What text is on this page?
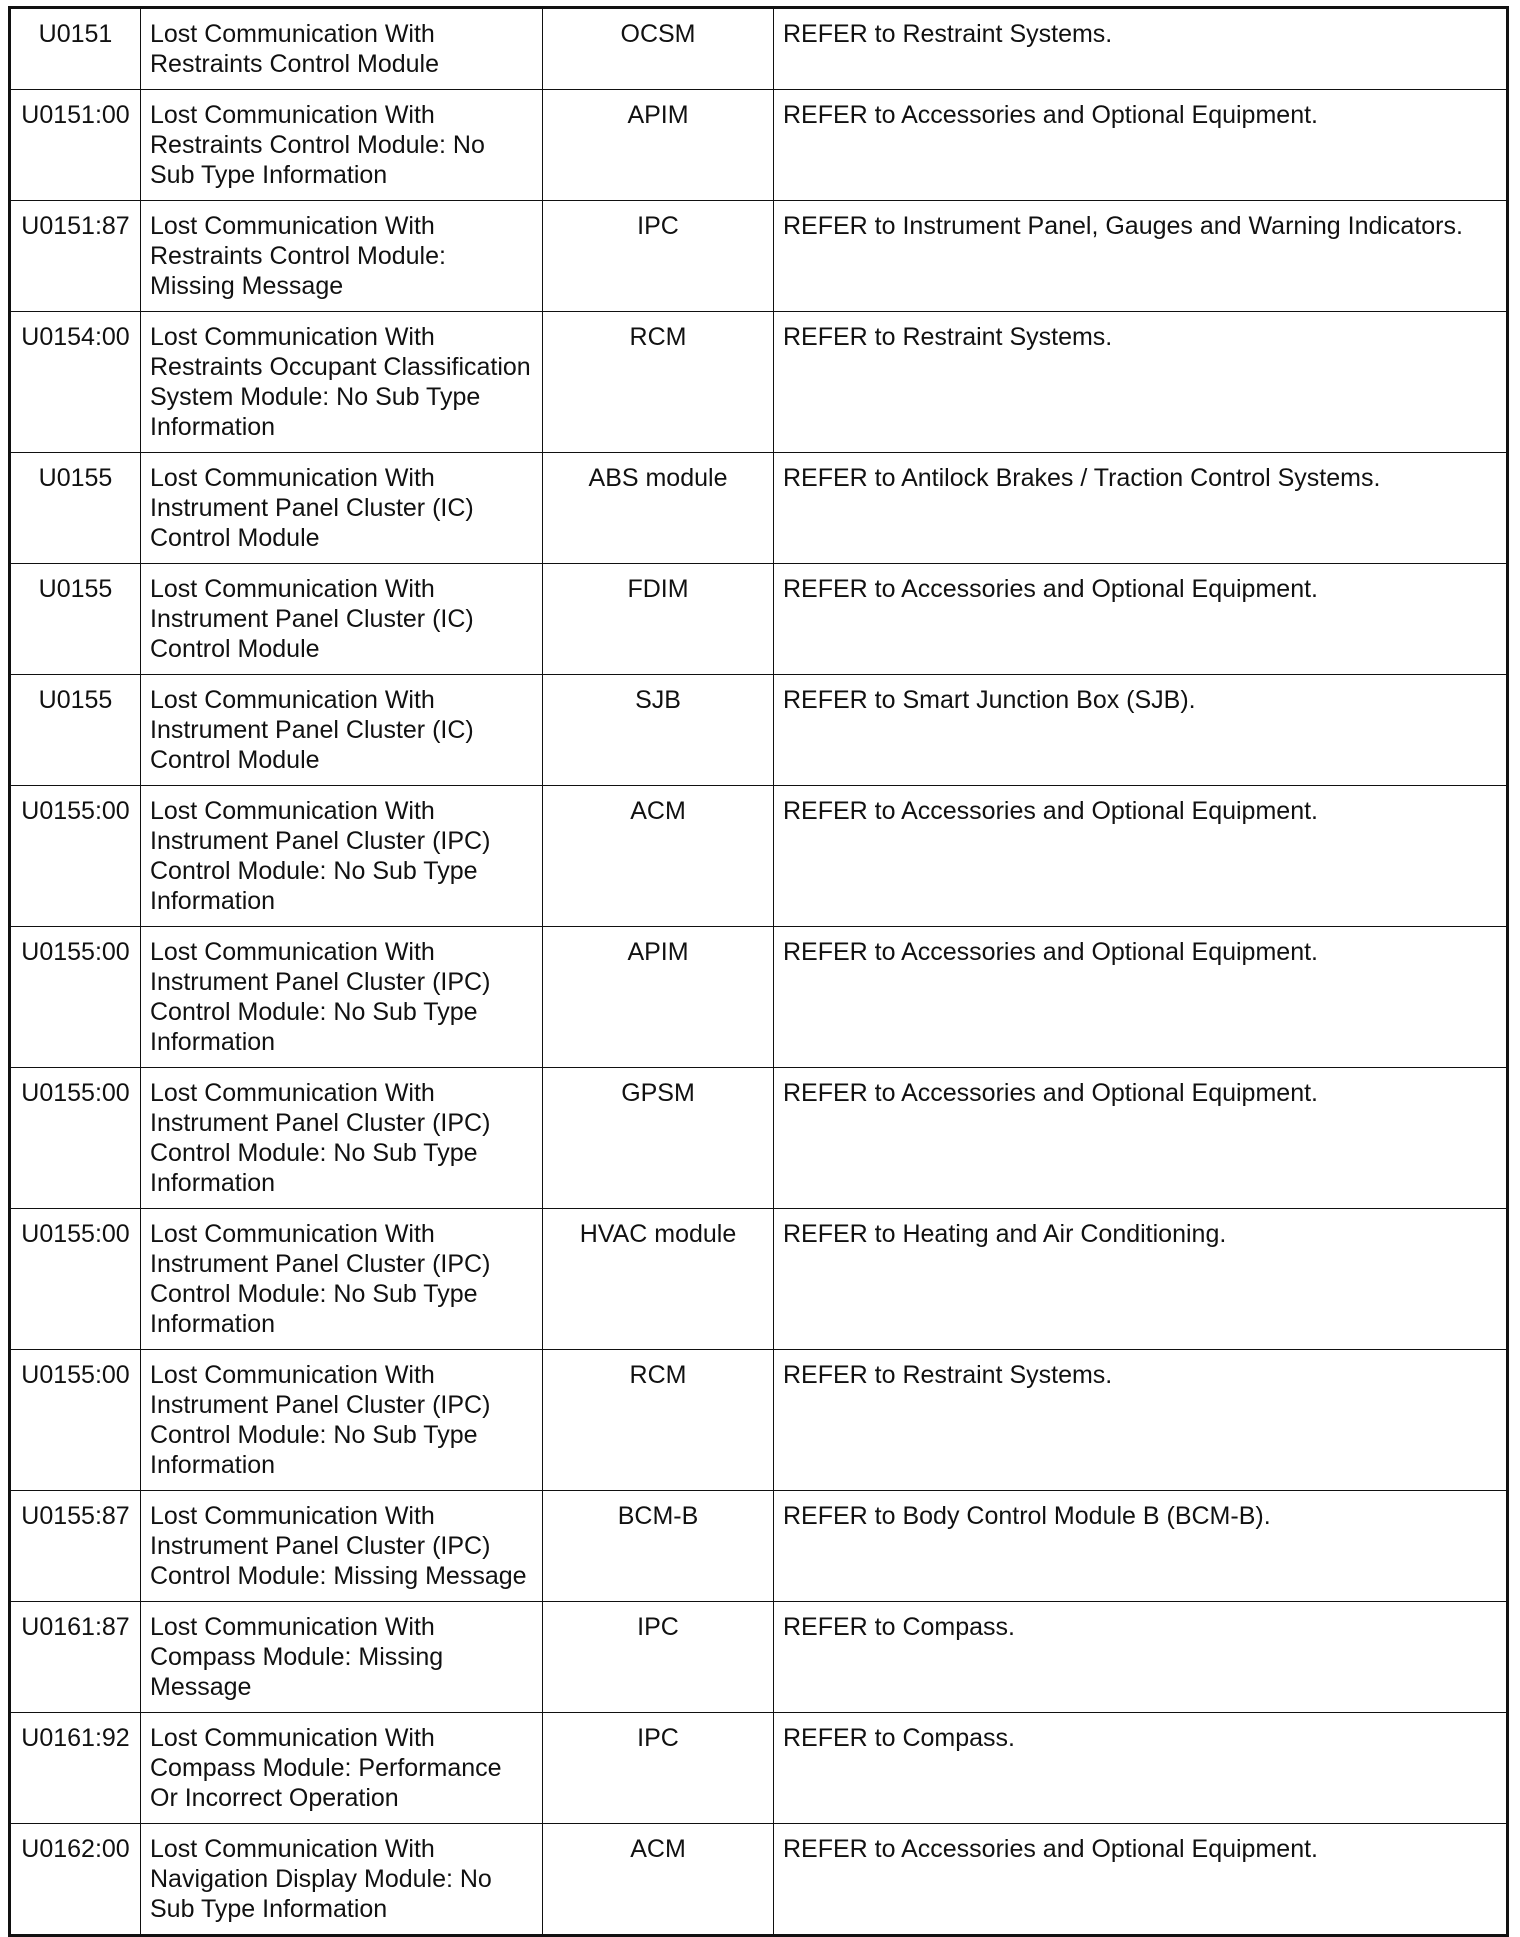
U0151	Lost Communication With Restraints Control Module	OCSM	REFER to Restraint Systems.
U0151:00	Lost Communication With Restraints Control Module: No Sub Type Information	APIM	REFER to Accessories and Optional Equipment.
U0151:87	Lost Communication With Restraints Control Module: Missing Message	IPC	REFER to Instrument Panel, Gauges and Warning Indicators.
U0154:00	Lost Communication With Restraints Occupant Classification System Module: No Sub Type Information	RCM	REFER to Restraint Systems.
U0155	Lost Communication With Instrument Panel Cluster (IC) Control Module	ABS module	REFER to Antilock Brakes / Traction Control Systems.
U0155	Lost Communication With Instrument Panel Cluster (IC) Control Module	FDIM	REFER to Accessories and Optional Equipment.
U0155	Lost Communication With Instrument Panel Cluster (IC) Control Module	SJB	REFER to Smart Junction Box (SJB).
U0155:00	Lost Communication With Instrument Panel Cluster (IPC) Control Module: No Sub Type Information	ACM	REFER to Accessories and Optional Equipment.
U0155:00	Lost Communication With Instrument Panel Cluster (IPC) Control Module: No Sub Type Information	APIM	REFER to Accessories and Optional Equipment.
U0155:00	Lost Communication With Instrument Panel Cluster (IPC) Control Module: No Sub Type Information	GPSM	REFER to Accessories and Optional Equipment.
U0155:00	Lost Communication With Instrument Panel Cluster (IPC) Control Module: No Sub Type Information	HVAC module	REFER to Heating and Air Conditioning.
U0155:00	Lost Communication With Instrument Panel Cluster (IPC) Control Module: No Sub Type Information	RCM	REFER to Restraint Systems.
U0155:87	Lost Communication With Instrument Panel Cluster (IPC) Control Module: Missing Message	BCM-B	REFER to Body Control Module B (BCM-B).
U0161:87	Lost Communication With Compass Module: Missing Message	IPC	REFER to Compass.
U0161:92	Lost Communication With Compass Module: Performance Or Incorrect Operation	IPC	REFER to Compass.
U0162:00	Lost Communication With Navigation Display Module: No Sub Type Information	ACM	REFER to Accessories and Optional Equipment.
